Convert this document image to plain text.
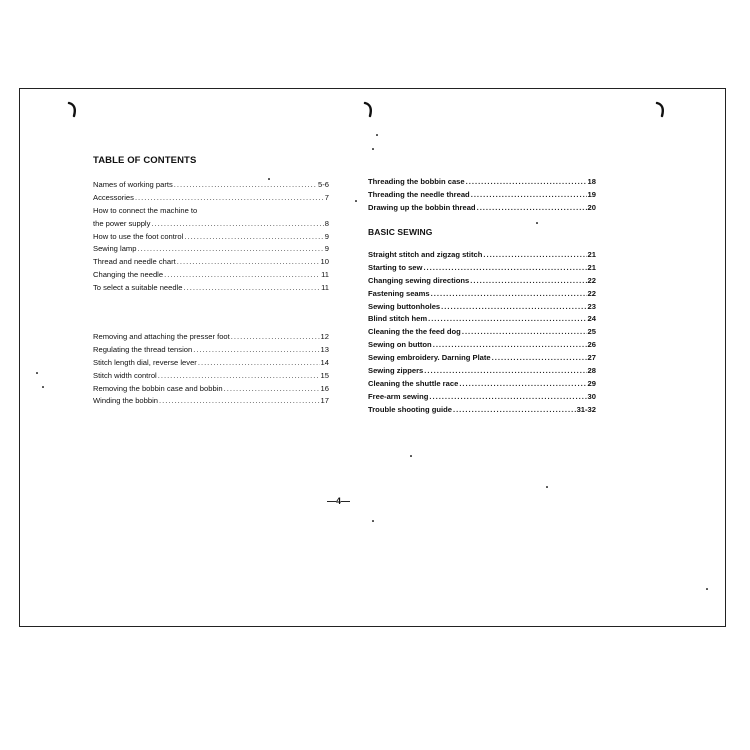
TABLE OF CONTENTS
BASIC SEWING
Names of working parts .....	5-6
Accessories .....	7
How to connect the machine to
the power supply .....	8
How to use the foot control .....	9
Sewing lamp .....	9
Thread and needle chart .....	10
Changing the needle .....	11
To select a suitable needle .....	11
Removing and attaching the presser foot .....	12
Regulating the thread tension .....	13
Stitch length dial, reverse lever .....	14
Stitch width control .....	15
Removing the bobbin case and bobbin .....	16
Winding the bobbin .....	17
Threading the bobbin case .....	18
Threading the needle thread .....	19
Drawing up the bobbin thread .....	20
Straight stitch and zigzag stitch .....	21
Starting to sew .....	21
Changing sewing directions .....	22
Fastening seams .....	22
Sewing buttonholes .....	23
Blind stitch hem .....	24
Cleaning the the feed dog .....	25
Sewing on button .....	26
Sewing embroidery. Darning Plate .....	27
Sewing zippers .....	28
Cleaning the shuttle race .....	29
Free-arm sewing .....	30
Trouble shooting guide .....	31-32
—4—
